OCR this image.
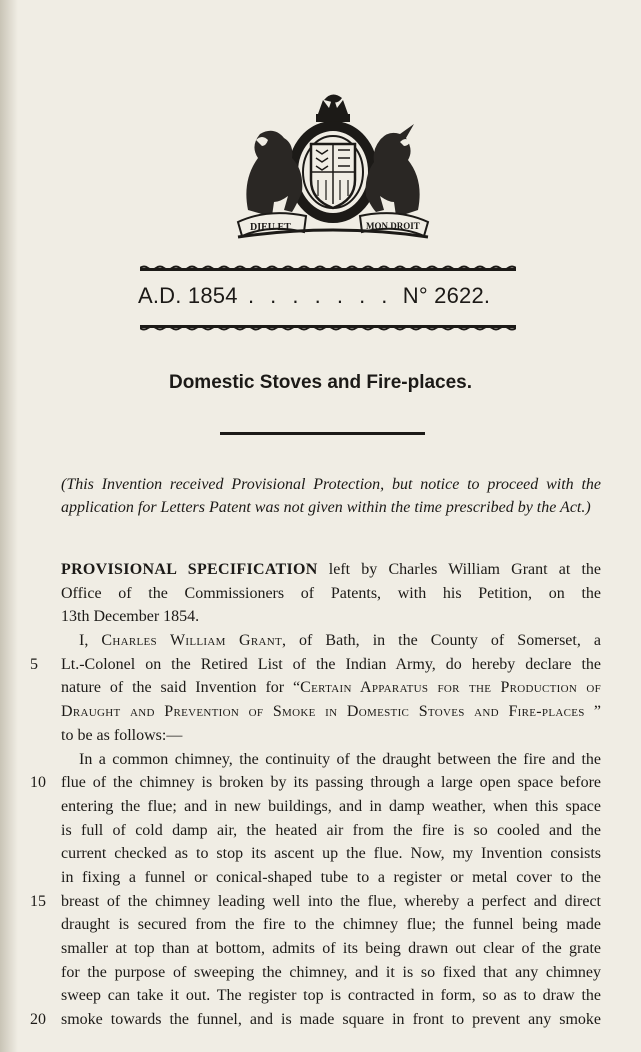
DIEU ET	MON DROIT
A.D. 1854 . . . . . . . N° 2622.
Domestic Stoves and Fire-places.
(This Invention received Provisional Protection, but notice to proceed with the application for Letters Patent was not given within the time prescribed by the Act.)
PROVISIONAL SPECIFICATION left by Charles William Grant at the
Office of the Commissioners of Patents, with his Petition, on the
13th December 1854.
I, Charles William Grant, of Bath, in the County of Somerset, a
5	Lt.-Colonel on the Retired List of the Indian Army, do hereby declare the
nature of the said Invention for “Certain Apparatus for the Production of
Draught and Prevention of Smoke in Domestic Stoves and Fire-places ”
to be as follows:—
In a common chimney, the continuity of the draught between the fire and the
10 flue of the chimney is broken by its passing through a large open space before
entering the flue; and in new buildings, and in damp weather, when this space
is full of cold damp air, the heated air from the fire is so cooled and the
current checked as to stop its ascent up the flue. Now, my Invention consists
in fixing a funnel or conical-shaped tube to a register or metal cover to the
15 breast of the chimney leading well into the flue, whereby a perfect and direct
draught is secured from the fire to the chimney flue; the funnel being made
smaller at top than at bottom, admits of its being drawn out clear of the grate
for the purpose of sweeping the chimney, and it is so fixed that any chimney
sweep can take it out. The register top is contracted in form, so as to draw the
20 smoke towards the funnel, and is made square in front to prevent any smoke
